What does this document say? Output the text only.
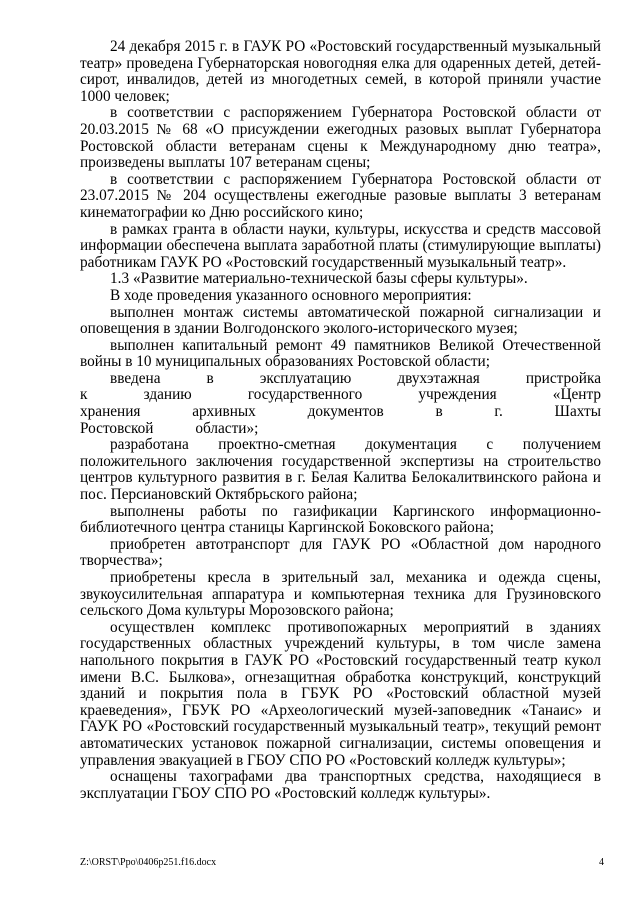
24 декабря 2015 г. в ГАУК РО «Ростовский государственный музыкальный театр» проведена Губернаторская новогодняя елка для одаренных детей, детей-сирот, инвалидов, детей из многодетных семей, в которой приняли участие 1000 человек;

в соответствии с распоряжением Губернатора Ростовской области от 20.03.2015 № 68 «О присуждении ежегодных разовых выплат Губернатора Ростовской области ветеранам сцены к Международному дню театра», произведены выплаты 107 ветеранам сцены;

в соответствии с распоряжением Губернатора Ростовской области от 23.07.2015 № 204 осуществлены ежегодные разовые выплаты 3 ветеранам кинематографии ко Дню российского кино;

в рамках гранта в области науки, культуры, искусства и средств массовой информации обеспечена выплата заработной платы (стимулирующие выплаты) работникам ГАУК РО «Ростовский государственный музыкальный театр».

1.3 «Развитие материально-технической базы сферы культуры».

В ходе проведения указанного основного мероприятия:

выполнен монтаж системы автоматической пожарной сигнализации и оповещения в здании Волгодонского эколого-исторического музея;

выполнен капитальный ремонт 49 памятников Великой Отечественной войны в 10 муниципальных образованиях Ростовской области;

введена в эксплуатацию двухэтажная пристройка к зданию государственного учреждения «Центр хранения архивных документов в г. Шахты Ростовской области»;

разработана проектно-сметная документация с получением положительного заключения государственной экспертизы на строительство центров культурного развития в г. Белая Калитва Белокалитвинского района и пос. Персиановский Октябрьского района;

выполнены работы по газификации Каргинского информационно-библиотечного центра станицы Каргинской Боковского района;

приобретен автотранспорт для ГАУК РО «Областной дом народного творчества»;

приобретены кресла в зрительный зал, механика и одежда сцены, звукоусилительная аппаратура и компьютерная техника для Грузиновского сельского Дома культуры Морозовского района;

осуществлен комплекс противопожарных мероприятий в зданиях государственных областных учреждений культуры, в том числе замена напольного покрытия в ГАУК РО «Ростовский государственный театр кукол имени В.С. Былкова», огнезащитная обработка конструкций, конструкций зданий и покрытия пола в ГБУК РО «Ростовский областной музей краеведения», ГБУК РО «Археологический музей-заповедник «Танаис» и ГАУК РО «Ростовский государственный музыкальный театр», текущий ремонт автоматических установок пожарной сигнализации, системы оповещения и управления эвакуацией в ГБОУ СПО РО «Ростовский колледж культуры»;

оснащены тахографами два транспортных средства, находящиеся в эксплуатации ГБОУ СПО РО «Ростовский колледж культуры».

Z:\ORST\Ppo\0406p251.f16.docx	4
